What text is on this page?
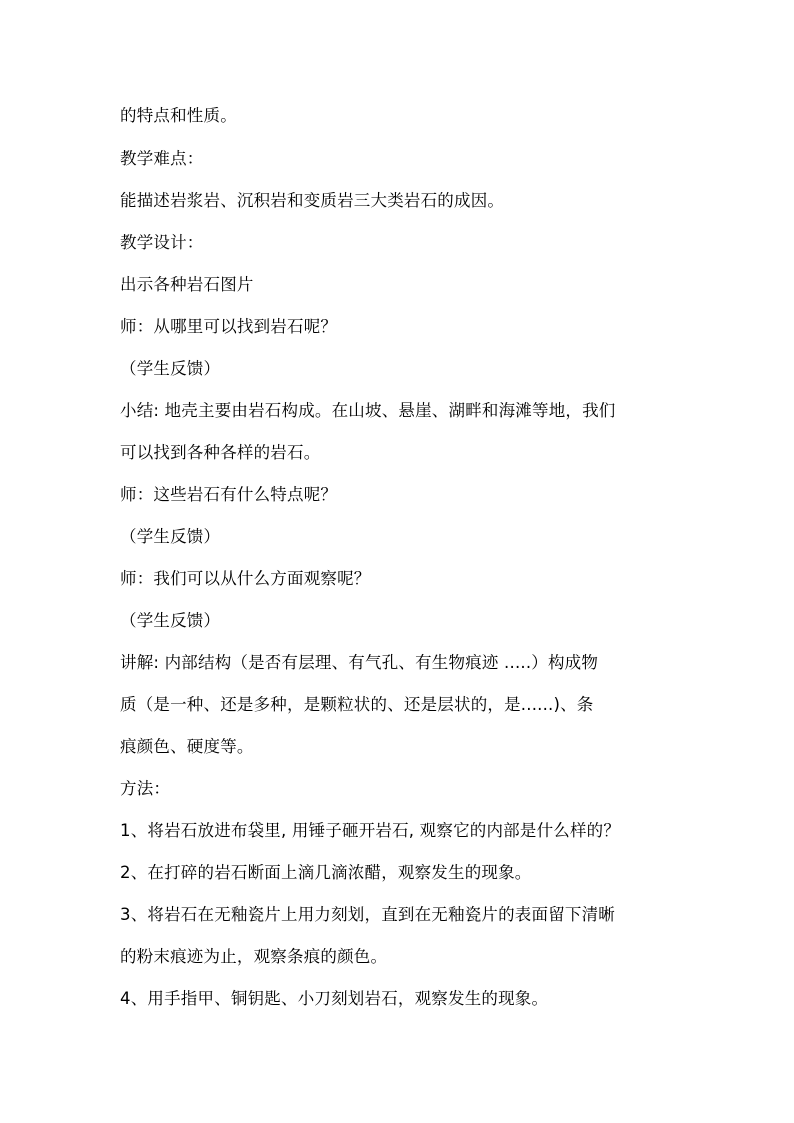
的特点和性质。
教学难点：
能描述岩浆岩、沉积岩和变质岩三大类岩石的成因。
教学设计：
出示各种岩石图片
师：从哪里可以找到岩石呢？
（学生反馈）
小结: 地壳主要由岩石构成。在山坡、悬崖、湖畔和海滩等地，我们
可以找到各种各样的岩石。
师：这些岩石有什么特点呢？
（学生反馈）
师：我们可以从什么方面观察呢？
（学生反馈）
讲解: 内部结构（是否有层理、有气孔、有生物痕迹 .....）构成物
质（是一种、还是多种，是颗粒状的、还是层状的，是......)、条
痕颜色、硬度等。
方法：
1、将岩石放进布袋里, 用锤子砸开岩石, 观察它的内部是什么样的？
2、在打碎的岩石断面上滴几滴浓醋，观察发生的现象。
3、将岩石在无釉瓷片上用力刻划，直到在无釉瓷片的表面留下清晰
的粉末痕迹为止，观察条痕的颜色。
4、用手指甲、铜钥匙、小刀刻划岩石，观察发生的现象。
